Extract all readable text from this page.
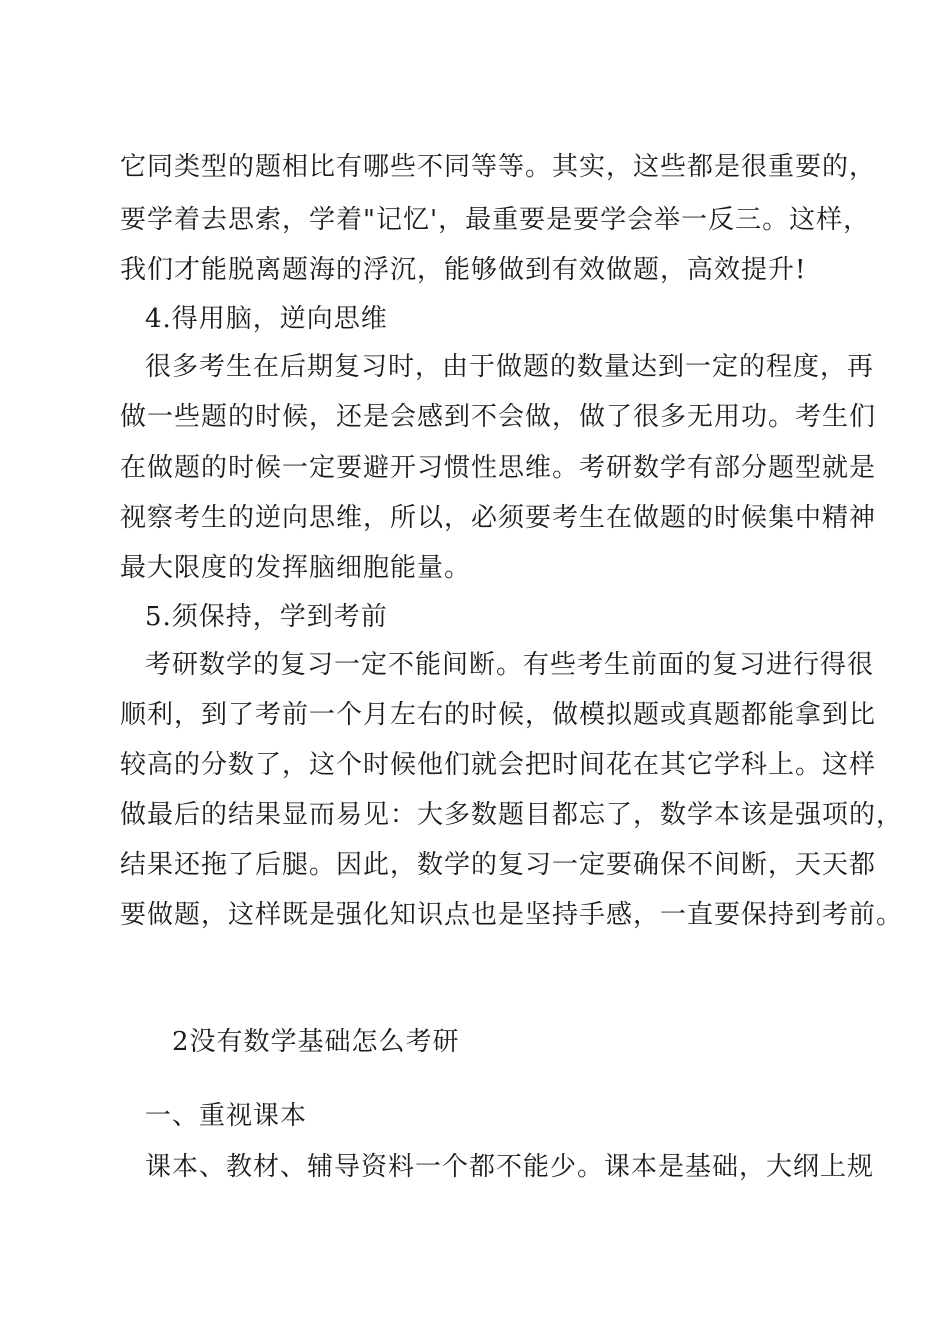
它同类型的题相比有哪些不同等等。其实，这些都是很重要的，
要学着去思索，学着"记忆'，最重要是要学会举一反三。这样，
我们才能脱离题海的浮沉，能够做到有效做题，高效提升!
4.得用脑，逆向思维
很多考生在后期复习时，由于做题的数量达到一定的程度，再
做一些题的时候，还是会感到不会做，做了很多无用功。考生们
在做题的时候一定要避开习惯性思维。考研数学有部分题型就是
视察考生的逆向思维，所以，必须要考生在做题的时候集中精神
最大限度的发挥脑细胞能量。
5.须保持，学到考前
考研数学的复习一定不能间断。有些考生前面的复习进行得很
顺利，到了考前一个月左右的时候，做模拟题或真题都能拿到比
较高的分数了，这个时候他们就会把时间花在其它学科上。这样
做最后的结果显而易见：大多数题目都忘了，数学本该是强项的，
结果还拖了后腿。因此，数学的复习一定要确保不间断，天天都
要做题，这样既是强化知识点也是坚持手感，一直要保持到考前。
2没有数学基础怎么考研
一、重视课本
课本、教材、辅导资料一个都不能少。课本是基础，大纲上规
